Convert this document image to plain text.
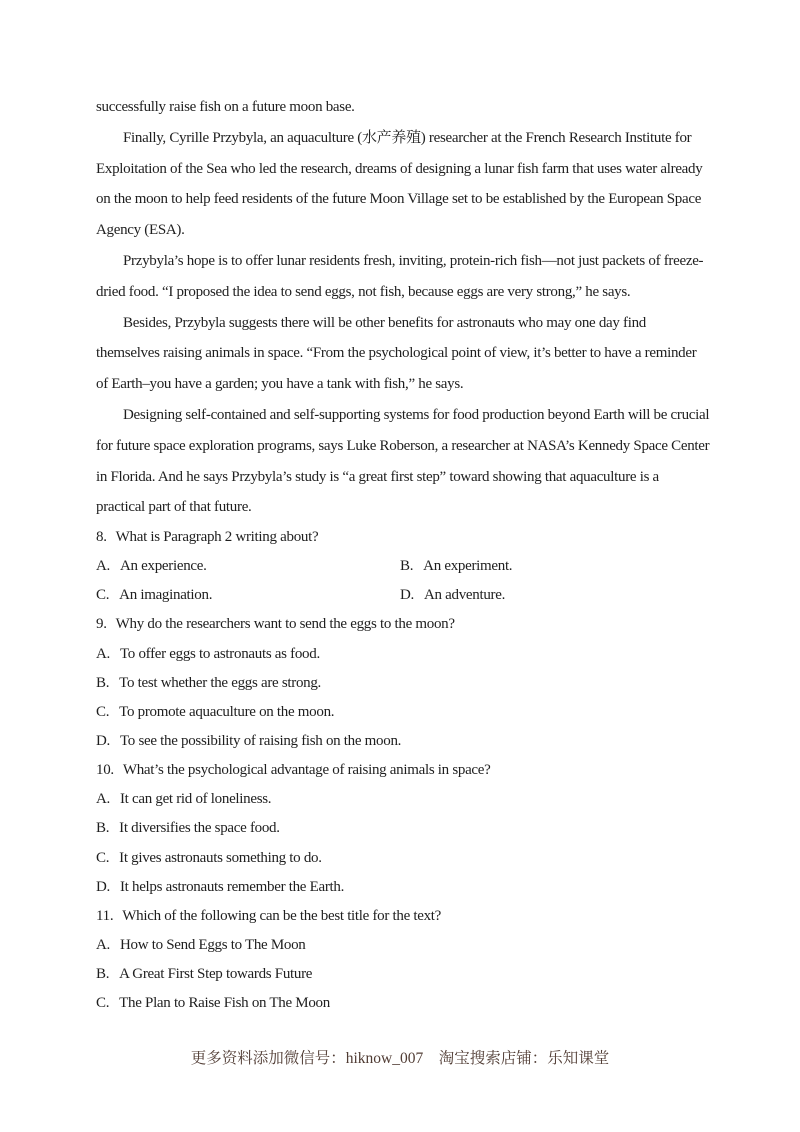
successfully raise fish on a future moon base.
Finally, Cyrille Przybyla, an aquaculture (水产养殖) researcher at the French Research Institute for
Exploitation of the Sea who led the research, dreams of designing a lunar fish farm that uses water already
on the moon to help feed residents of the future Moon Village set to be established by the European Space
Agency (ESA).
Przybyla’s hope is to offer lunar residents fresh, inviting, protein-rich fish—not just packets of freeze-
dried food. “I proposed the idea to send eggs, not fish, because eggs are very strong,” he says.
Besides, Przybyla suggests there will be other benefits for astronauts who may one day find
themselves raising animals in space. “From the psychological point of view, it’s better to have a reminder
of Earth–you have a garden; you have a tank with fish,” he says.
Designing self-contained and self-supporting systems for food production beyond Earth will be crucial
for future space exploration programs, says Luke Roberson, a researcher at NASA’s Kennedy Space Center
in Florida. And he says Przybyla’s study is “a great first step” toward showing that aquaculture is a
practical part of that future.
8. What is Paragraph 2 writing about?
A. An experience.	B. An experiment.
C. An imagination.	D. An adventure.
9. Why do the researchers want to send the eggs to the moon?
A. To offer eggs to astronauts as food.
B. To test whether the eggs are strong.
C. To promote aquaculture on the moon.
D. To see the possibility of raising fish on the moon.
10. What’s the psychological advantage of raising animals in space?
A. It can get rid of loneliness.
B. It diversifies the space food.
C. It gives astronauts something to do.
D. It helps astronauts remember the Earth.
11. Which of the following can be the best title for the text?
A. How to Send Eggs to The Moon
B. A Great First Step towards Future
C. The Plan to Raise Fish on The Moon
更多资料添加微信号：hiknow_007　淘宝搜索店铺：乐知课堂
